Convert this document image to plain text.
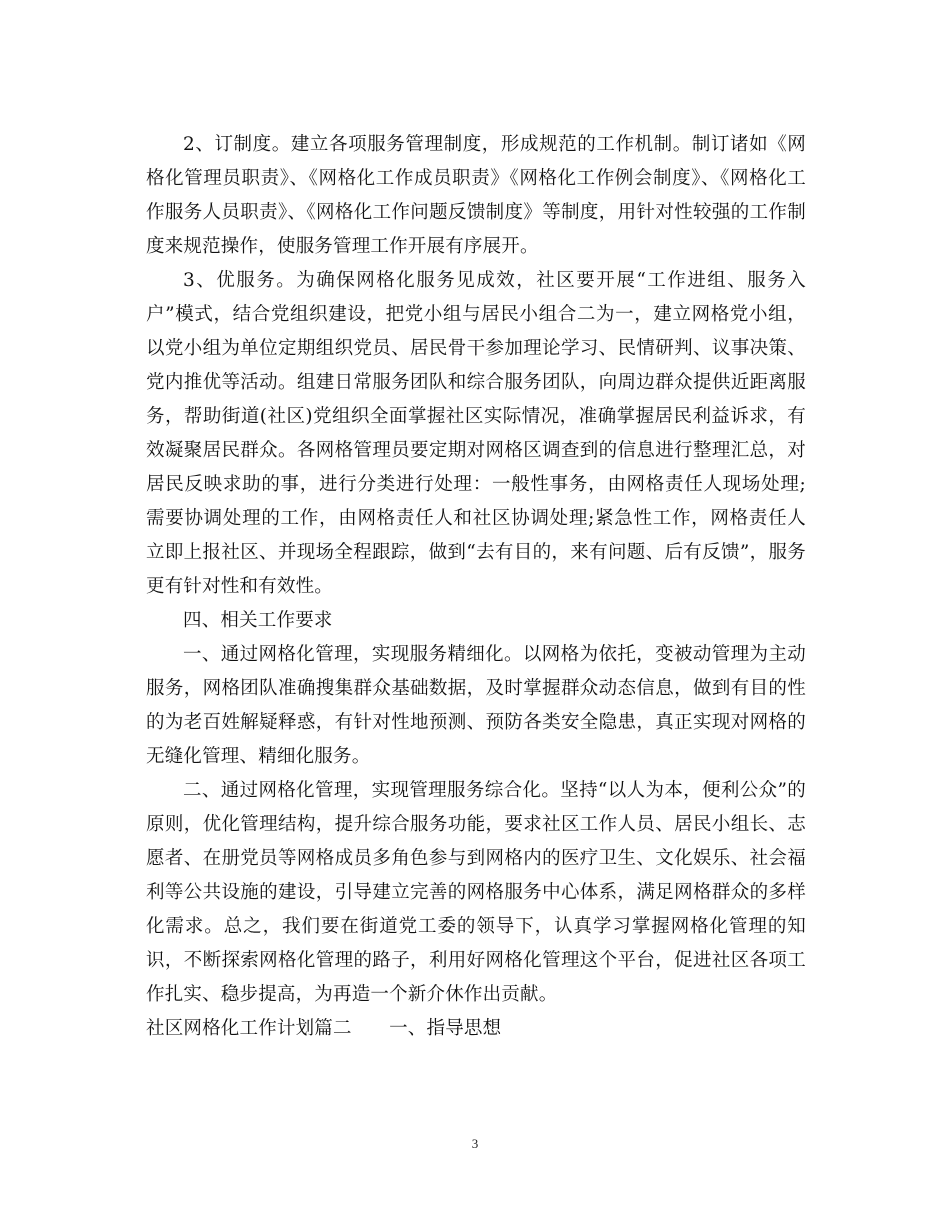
2、订制度。建立各项服务管理制度，形成规范的工作机制。制订诸如《网格化管理员职责》、《网格化工作成员职责》《网格化工作例会制度》、《网格化工作服务人员职责》、《网格化工作问题反馈制度》等制度，用针对性较强的工作制度来规范操作，使服务管理工作开展有序展开。

3、优服务。为确保网格化服务见成效，社区要开展“工作进组、服务入户”模式，结合党组织建设，把党小组与居民小组合二为一，建立网格党小组，以党小组为单位定期组织党员、居民骨干参加理论学习、民情研判、议事决策、党内推优等活动。组建日常服务团队和综合服务团队，向周边群众提供近距离服务，帮助街道(社区)党组织全面掌握社区实际情况，准确掌握居民利益诉求，有效凝聚居民群众。各网格管理员要定期对网格区调查到的信息进行整理汇总，对居民反映求助的事，进行分类进行处理：一般性事务，由网格责任人现场处理;需要协调处理的工作，由网格责任人和社区协调处理;紧急性工作，网格责任人立即上报社区、并现场全程跟踪，做到“去有目的，来有问题、后有反馈”，服务更有针对性和有效性。

四、相关工作要求

一、通过网格化管理，实现服务精细化。以网格为依托，变被动管理为主动服务，网格团队准确搜集群众基础数据，及时掌握群众动态信息，做到有目的性的为老百姓解疑释惑，有针对性地预测、预防各类安全隐患，真正实现对网格的无缝化管理、精细化服务。

二、通过网格化管理，实现管理服务综合化。坚持“以人为本，便利公众”的原则，优化管理结构，提升综合服务功能，要求社区工作人员、居民小组长、志愿者、在册党员等网格成员多角色参与到网格内的医疗卫生、文化娱乐、社会福利等公共设施的建设，引导建立完善的网格服务中心体系，满足网格群众的多样化需求。总之，我们要在街道党工委的领导下，认真学习掌握网格化管理的知识，不断探索网格化管理的路子，利用好网格化管理这个平台，促进社区各项工作扎实、稳步提高，为再造一个新介休作出贡献。

社区网格化工作计划篇二　　一、指导思想

3
